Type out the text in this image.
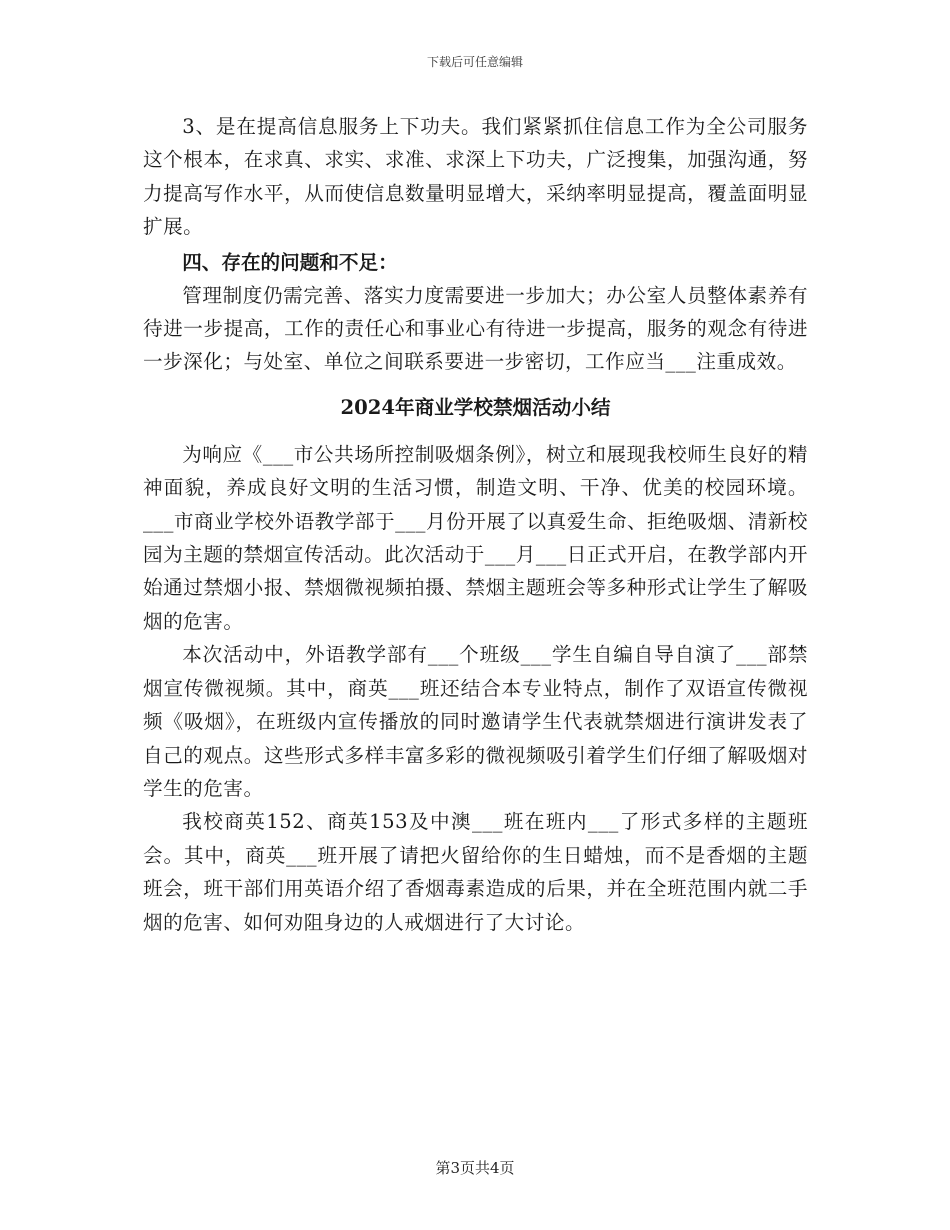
下载后可任意编辑

3、是在提高信息服务上下功夫。我们紧紧抓住信息工作为全公司服务这个根本，在求真、求实、求准、求深上下功夫，广泛搜集，加强沟通，努力提高写作水平，从而使信息数量明显增大，采纳率明显提高，覆盖面明显扩展。

四、存在的问题和不足：

管理制度仍需完善、落实力度需要进一步加大；办公室人员整体素养有待进一步提高，工作的责任心和事业心有待进一步提高，服务的观念有待进一步深化；与处室、单位之间联系要进一步密切，工作应当___注重成效。

2024年商业学校禁烟活动小结

为响应《___市公共场所控制吸烟条例》，树立和展现我校师生良好的精神面貌，养成良好文明的生活习惯，制造文明、干净、优美的校园环境。___市商业学校外语教学部于___月份开展了以真爱生命、拒绝吸烟、清新校园为主题的禁烟宣传活动。此次活动于___月___日正式开启，在教学部内开始通过禁烟小报、禁烟微视频拍摄、禁烟主题班会等多种形式让学生了解吸烟的危害。

本次活动中，外语教学部有___个班级___学生自编自导自演了___部禁烟宣传微视频。其中，商英___班还结合本专业特点，制作了双语宣传微视频《吸烟》，在班级内宣传播放的同时邀请学生代表就禁烟进行演讲发表了自己的观点。这些形式多样丰富多彩的微视频吸引着学生们仔细了解吸烟对学生的危害。

我校商英152、商英153及中澳___班在班内___了形式多样的主题班会。其中，商英___班开展了请把火留给你的生日蜡烛，而不是香烟的主题班会，班干部们用英语介绍了香烟毒素造成的后果，并在全班范围内就二手烟的危害、如何劝阻身边的人戒烟进行了大讨论。

第3页共4页
